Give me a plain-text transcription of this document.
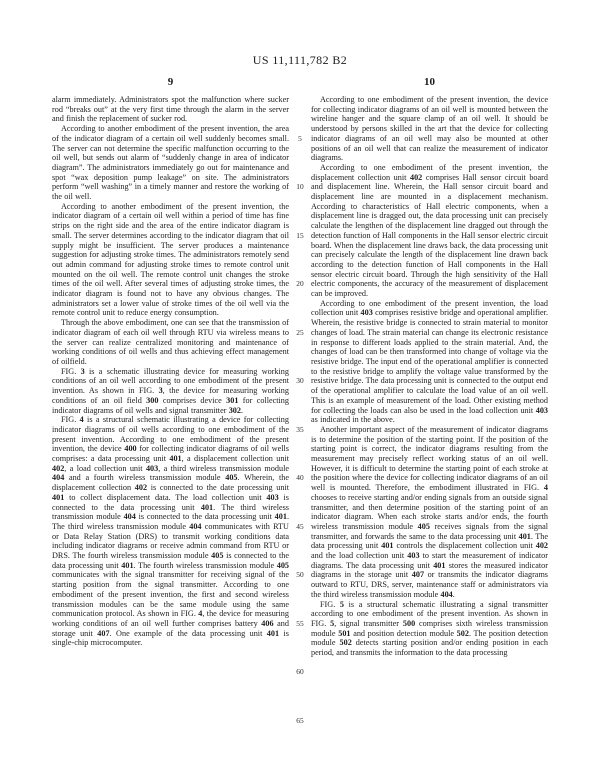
US 11,111,782 B2
9	10

alarm immediately. Administrators spot the malfunction where sucker rod “breaks out” at the very first time through the alarm in the server and finish the replacement of sucker rod.

According to another embodiment of the present invention, the area of the indicator diagram of a certain oil well suddenly becomes small. The server can not determine the specific malfunction occurring to the oil well, but sends out alarm of “suddenly change in area of indicator diagram”. The administrators immediately go out for maintenance and spot “wax deposition pump leakage” on site. The administrators perform “well washing” in a timely manner and restore the working of the oil well.

According to another embodiment of the present invention, the indicator diagram of a certain oil well within a period of time has fine strips on the right side and the area of the entire indicator diagram is small. The server determines according to the indicator diagram that oil supply might be insufficient. The server produces a maintenance suggestion for adjusting stroke times. The administrators remotely send out admin command for adjusting stroke times to remote control unit mounted on the oil well. The remote control unit changes the stroke times of the oil well. After several times of adjusting stroke times, the indicator diagram is found not to have any obvious changes. The administrators set a lower value of stroke times of the oil well via the remote control unit to reduce energy consumption.

Through the above embodiment, one can see that the transmission of indicator diagram of each oil well through RTU via wireless means to the server can realize centralized monitoring and maintenance of working conditions of oil wells and thus achieving effect management of oilfield.

FIG. 3 is a schematic illustrating device for measuring working conditions of an oil well according to one embodiment of the present invention. As shown in FIG. 3, the device for measuring working conditions of an oil field 300 comprises device 301 for collecting indicator diagrams of oil wells and signal transmitter 302.

FIG. 4 is a structural schematic illustrating a device for collecting indicator diagrams of oil wells according to one embodiment of the present invention. According to one embodiment of the present invention, the device 400 for collecting indicator diagrams of oil wells comprises: a data processing unit 401, a displacement collection unit 402, a load collection unit 403, a third wireless transmission module 404 and a fourth wireless transmission module 405. Wherein, the displacement collection 402 is connected to the date processing unit 401 to collect displacement data. The load collection unit 403 is connected to the data processing unit 401. The third wireless transmission module 404 is connected to the data processing unit 401. The third wireless transmission module 404 communicates with RTU or Data Relay Station (DRS) to transmit working conditions data including indicator diagrams or receive admin command from RTU or DRS. The fourth wireless transmission module 405 is connected to the data processing unit 401. The fourth wireless transmission module 405 communicates with the signal transmitter for receiving signal of the starting position from the signal transmitter. According to one embodiment of the present invention, the first and second wireless transmission modules can be the same module using the same communication protocol. As shown in FIG. 4, the device for measuring working conditions of an oil well further comprises battery 406 and storage unit 407. One example of the data processing unit 401 is single-chip microcomputer.

5
10
15
20
25
30
35
40
45
50
55
60
65

According to one embodiment of the present invention, the device for collecting indicator diagrams of an oil well is mounted between the wireline hanger and the square clamp of an oil well. It should be understood by persons skilled in the art that the device for collecting indicator diagrams of an oil well may also be mounted at other positions of an oil well that can realize the measurement of indicator diagrams.

According to one embodiment of the present invention, the displacement collection unit 402 comprises Hall sensor circuit board and displacement line. Wherein, the Hall sensor circuit board and displacement line are mounted in a displacement mechanism. According to characteristics of Hall electric components, when a displacement line is dragged out, the data processing unit can precisely calculate the lengthen of the displacement line dragged out through the detection function of Hall components in the Hall sensor electric circuit board. When the displacement line draws back, the data processing unit can precisely calculate the length of the displacement line drawn back according to the detection function of Hall components in the Hall sensor electric circuit board. Through the high sensitivity of the Hall electric components, the accuracy of the measurement of displacement can be improved.

According to one embodiment of the present invention, the load collection unit 403 comprises resistive bridge and operational amplifier. Wherein, the resistive bridge is connected to strain material to monitor changes of load. The strain material can change its electronic resistance in response to different loads applied to the strain material. And, the changes of load can be then transformed into change of voltage via the resistive bridge. The input end of the operational amplifier is connected to the resistive bridge to amplify the voltage value transformed by the resistive bridge. The data processing unit is connected to the output end of the operational amplifier to calculate the load value of an oil well. This is an example of measurement of the load. Other existing method for collecting the loads can also be used in the load collection unit 403 as indicated in the above.

Another important aspect of the measurement of indicator diagrams is to determine the position of the starting point. If the position of the starting point is correct, the indicator diagrams resulting from the measurement may precisely reflect working status of an oil well. However, it is difficult to determine the starting point of each stroke at the position where the device for collecting indicator diagrams of an oil well is mounted. Therefore, the embodiment illustrated in FIG. 4 chooses to receive starting and/or ending signals from an outside signal transmitter, and then determine position of the starting point of an indicator diagram. When each stroke starts and/or ends, the fourth wireless transmission module 405 receives signals from the signal transmitter, and forwards the same to the data processing unit 401. The data processing unit 401 controls the displacement collection unit 402 and the load collection unit 403 to start the measurement of indicator diagrams. The data processing unit 401 stores the measured indicator diagrams in the storage unit 407 or transmits the indicator diagrams outward to RTU, DRS, server, maintenance staff or administrators via the third wireless transmission module 404.

FIG. 5 is a structural schematic illustrating a signal transmitter according to one embodiment of the present invention. As shown in FIG. 5, signal transmitter 500 comprises sixth wireless transmission module 501 and position detection module 502. The position detection module 502 detects starting position and/or ending position in each period, and transmits the information to the data processing
